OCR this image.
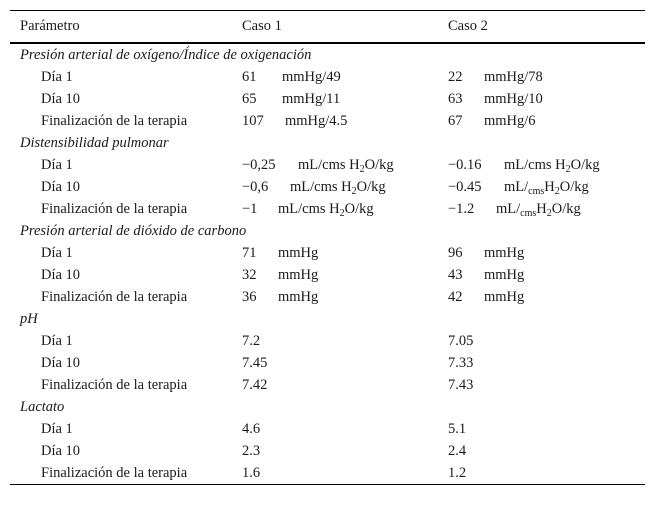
Parámetro	Caso 1	Caso 2
Presión arterial de oxígeno/Índice de oxigenación
Día 1	61 mmHg/49	22 mmHg/78
Día 10	65 mmHg/11	63 mmHg/10
Finalización de la terapia	107 mmHg/4.5	67 mmHg/6
Distensibilidad pulmonar
Día 1	−0,25 mL/cms $H_2O/kg$	−0.16 mL/cms $H_2O/kg$
Día 10	−0,6 mL/cms $H_2O/kg$	−0.45 $mL/_{cms}H_2O/kg$
Finalización de la terapia	−1 mL/cms $H_2O/kg$	−1.2 $mL/_{cms}H_2O/kg$
Presión arterial de dióxido de carbono
Día 1	71 mmHg	96 mmHg
Día 10	32 mmHg	43 mmHg
Finalización de la terapia	36 mmHg	42 mmHg
pH
Día 1	7.2	7.05
Día 10	7.45	7.33
Finalización de la terapia	7.42	7.43
Lactato
Día 1	4.6	5.1
Día 10	2.3	2.4
Finalización de la terapia	1.6	1.2
